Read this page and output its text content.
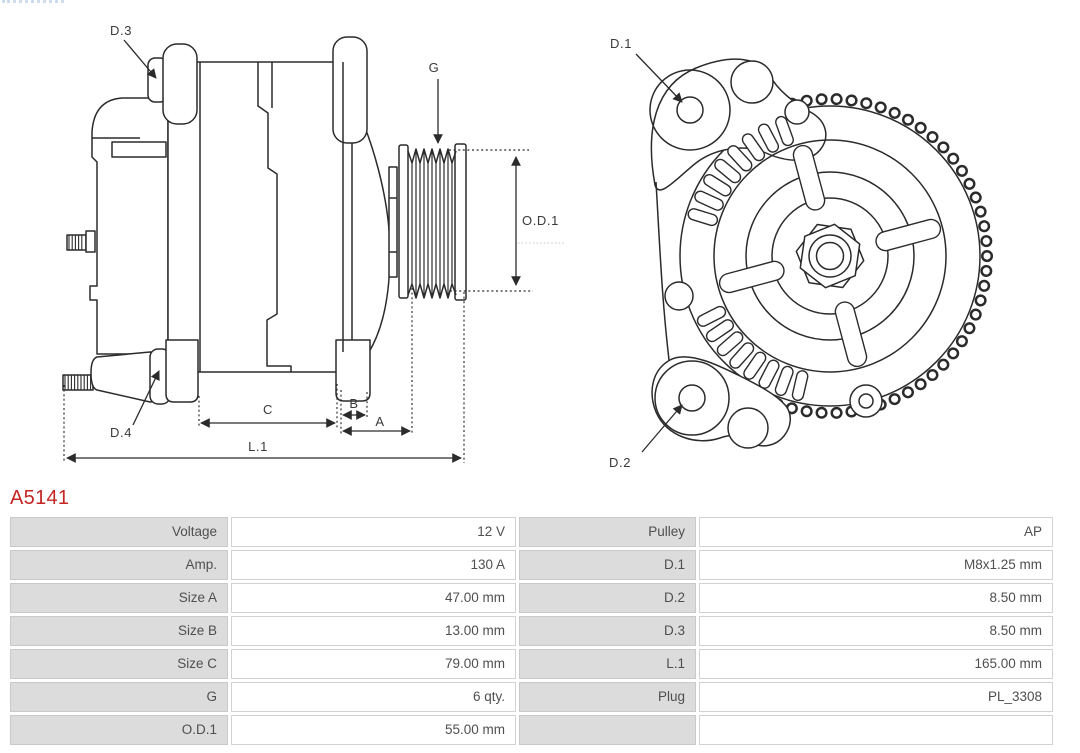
D.3
D.4
G
O.D.1
C	B
A
L.1
D.1
D.2
A5141
Voltage	12 V	Pulley	AP
Amp.	130 A	D.1	M8x1.25 mm
Size A	47.00 mm	D.2	8.50 mm
Size B	13.00 mm	D.3	8.50 mm
Size C	79.00 mm	L.1	165.00 mm
G	6 qty.	Plug	PL_3308
O.D.1	55.00 mm
